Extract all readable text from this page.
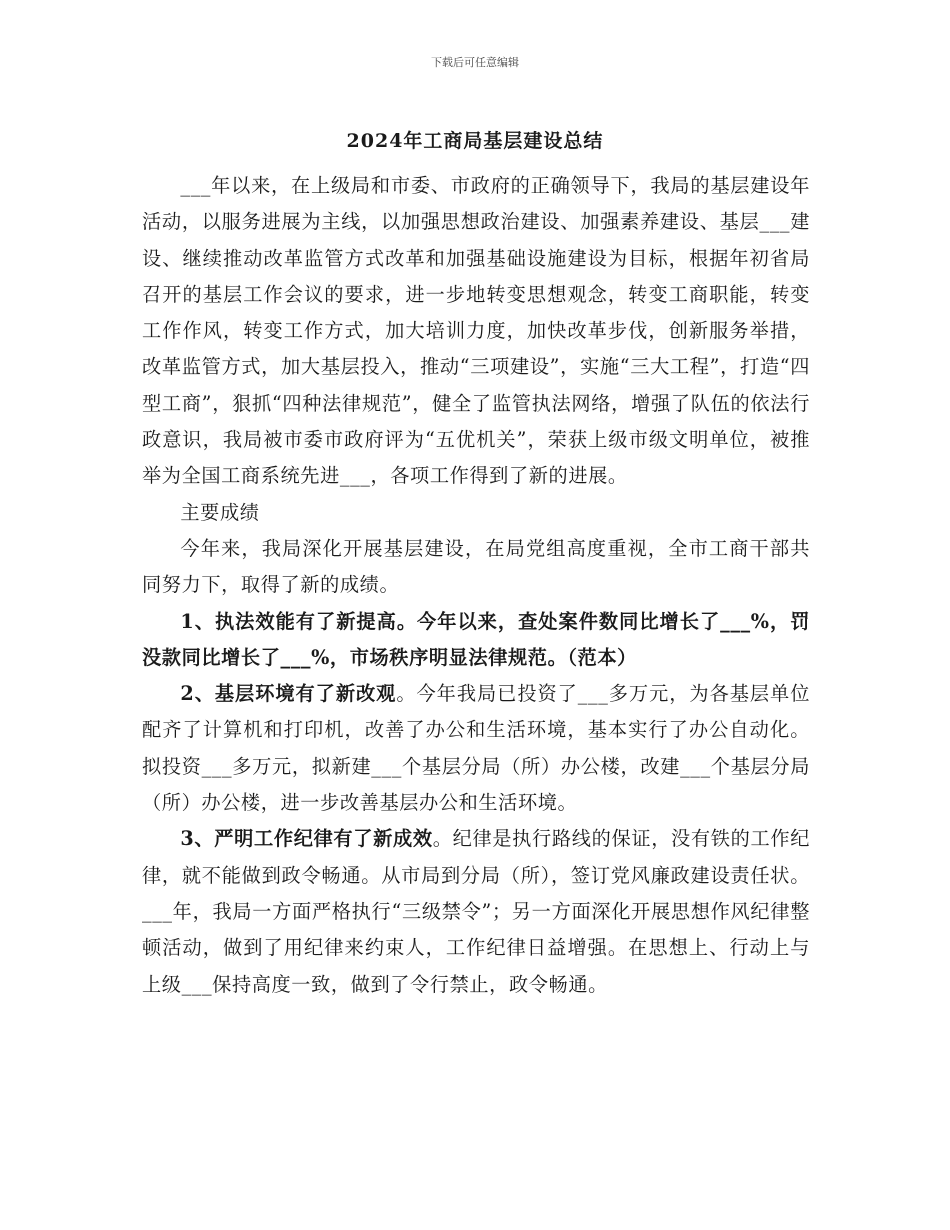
下载后可任意编辑
2024年工商局基层建设总结

___年以来，在上级局和市委、市政府的正确领导下，我局的基层建设年活动，以服务进展为主线，以加强思想政治建设、加强素养建设、基层___建设、继续推动改革监管方式改革和加强基础设施建设为目标，根据年初省局召开的基层工作会议的要求，进一步地转变思想观念，转变工商职能，转变工作作风，转变工作方式，加大培训力度，加快改革步伐，创新服务举措，改革监管方式，加大基层投入，推动“三项建设”，实施“三大工程”，打造“四型工商”，狠抓“四种法律规范”，健全了监管执法网络，增强了队伍的依法行政意识，我局被市委市政府评为“五优机关”，荣获上级市级文明单位，被推举为全国工商系统先进___，各项工作得到了新的进展。

主要成绩

今年来，我局深化开展基层建设，在局党组高度重视，全市工商干部共同努力下，取得了新的成绩。

1、执法效能有了新提高。今年以来，查处案件数同比增长了___%，罚没款同比增长了___%，市场秩序明显法律规范。（范本）

2、基层环境有了新改观。今年我局已投资了___多万元，为各基层单位配齐了计算机和打印机，改善了办公和生活环境，基本实行了办公自动化。拟投资___多万元，拟新建___个基层分局（所）办公楼，改建___个基层分局（所）办公楼，进一步改善基层办公和生活环境。

3、严明工作纪律有了新成效。纪律是执行路线的保证，没有铁的工作纪律，就不能做到政令畅通。从市局到分局（所），签订党风廉政建设责任状。___年，我局一方面严格执行“三级禁令”；另一方面深化开展思想作风纪律整顿活动，做到了用纪律来约束人，工作纪律日益增强。在思想上、行动上与上级___保持高度一致，做到了令行禁止，政令畅通。
